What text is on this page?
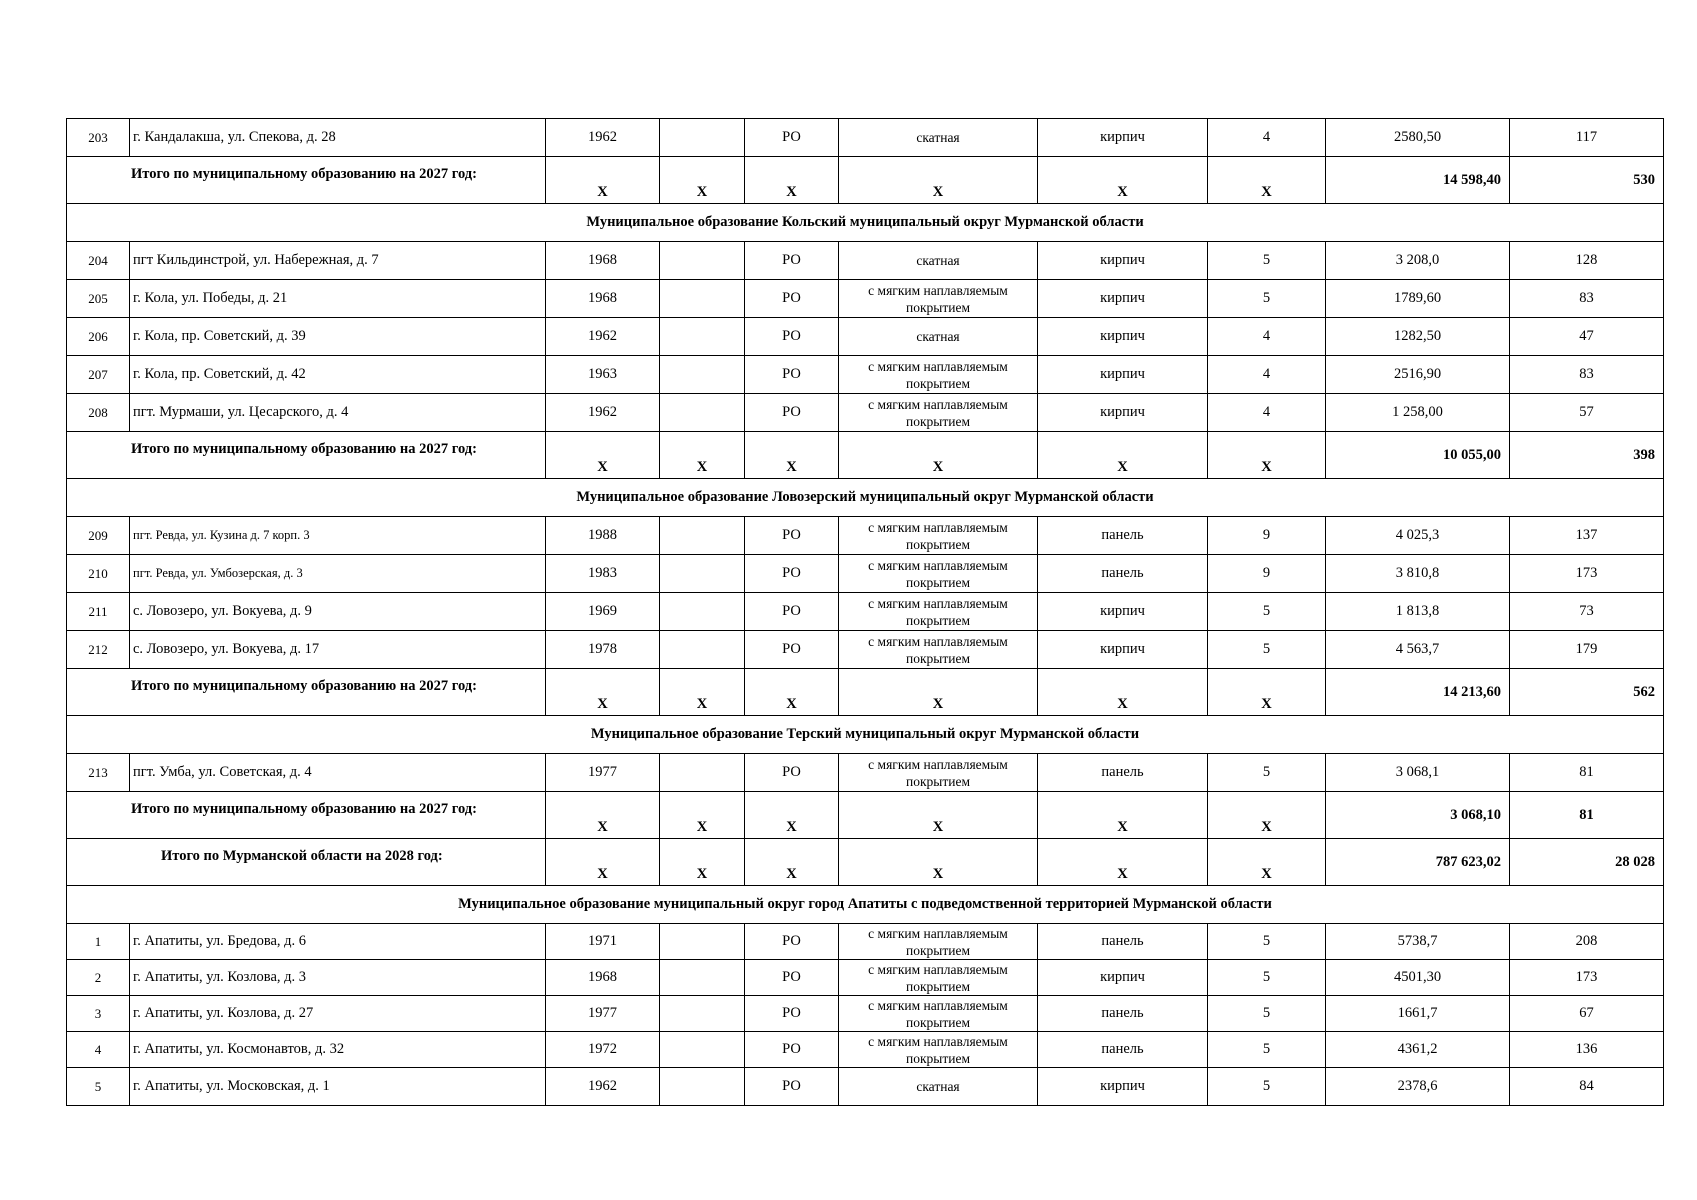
203	г. Кандалакша, ул. Спекова, д. 28	1962		РО	скатная	кирпич	4	2580,50	117
Итого по муниципальному образованию на 2027 год:		Х	Х	Х	Х	Х	Х	14 598,40	530
Муниципальное образование Кольский муниципальный округ Мурманской области									
204	пгт Кильдинстрой, ул. Набережная, д. 7	1968		РО	скатная	кирпич	5	3 208,0	128
205	г. Кола, ул. Победы, д. 21	1968		РО	с мягким наплавляемым покрытием	кирпич	5	1789,60	83
206	г. Кола, пр. Советский, д. 39	1962		РО	скатная	кирпич	4	1282,50	47
207	г. Кола, пр. Советский, д. 42	1963		РО	с мягким наплавляемым покрытием	кирпич	4	2516,90	83
208	пгт. Мурмаши, ул. Цесарского, д. 4	1962		РО	с мягким наплавляемым покрытием	кирпич	4	1 258,00	57
Итого по муниципальному образованию на 2027 год:		Х	Х	Х	Х	Х	Х	10 055,00	398
Муниципальное образование Ловозерский муниципальный округ Мурманской области									
209	пгт. Ревда, ул. Кузина д. 7 корп. 3	1988		РО	с мягким наплавляемым покрытием	панель	9	4 025,3	137
210	пгт. Ревда, ул. Умбозерская, д. 3	1983		РО	с мягким наплавляемым покрытием	панель	9	3 810,8	173
211	с. Ловозеро, ул. Вокуева, д. 9	1969		РО	с мягким наплавляемым покрытием	кирпич	5	1 813,8	73
212	с. Ловозеро, ул. Вокуева, д. 17	1978		РО	с мягким наплавляемым покрытием	кирпич	5	4 563,7	179
Итого по муниципальному образованию на 2027 год:		Х	Х	Х	Х	Х	Х	14 213,60	562
Муниципальное образование Терский муниципальный округ Мурманской области									
213	пгт. Умба, ул. Советская, д. 4	1977		РО	с мягким наплавляемым покрытием	панель	5	3 068,1	81
Итого по муниципальному образованию на 2027 год:		Х	Х	Х	Х	Х	Х	3 068,10	81
Итого по Мурманской области на 2028 год:		Х	Х	Х	Х	Х	Х	787 623,02	28 028
Муниципальное образование муниципальный округ город Апатиты с подведомственной территорией Мурманской области									
1	г. Апатиты, ул. Бредова, д. 6	1971		РО	с мягким наплавляемым покрытием	панель	5	5738,7	208
2	г. Апатиты, ул. Козлова, д. 3	1968		РО	с мягким наплавляемым покрытием	кирпич	5	4501,30	173
3	г. Апатиты, ул. Козлова, д. 27	1977		РО	с мягким наплавляемым покрытием	панель	5	1661,7	67
4	г. Апатиты, ул. Космонавтов, д. 32	1972		РО	с мягким наплавляемым покрытием	панель	5	4361,2	136
5	г. Апатиты, ул. Московская, д. 1	1962		РО	скатная	кирпич	5	2378,6	84
